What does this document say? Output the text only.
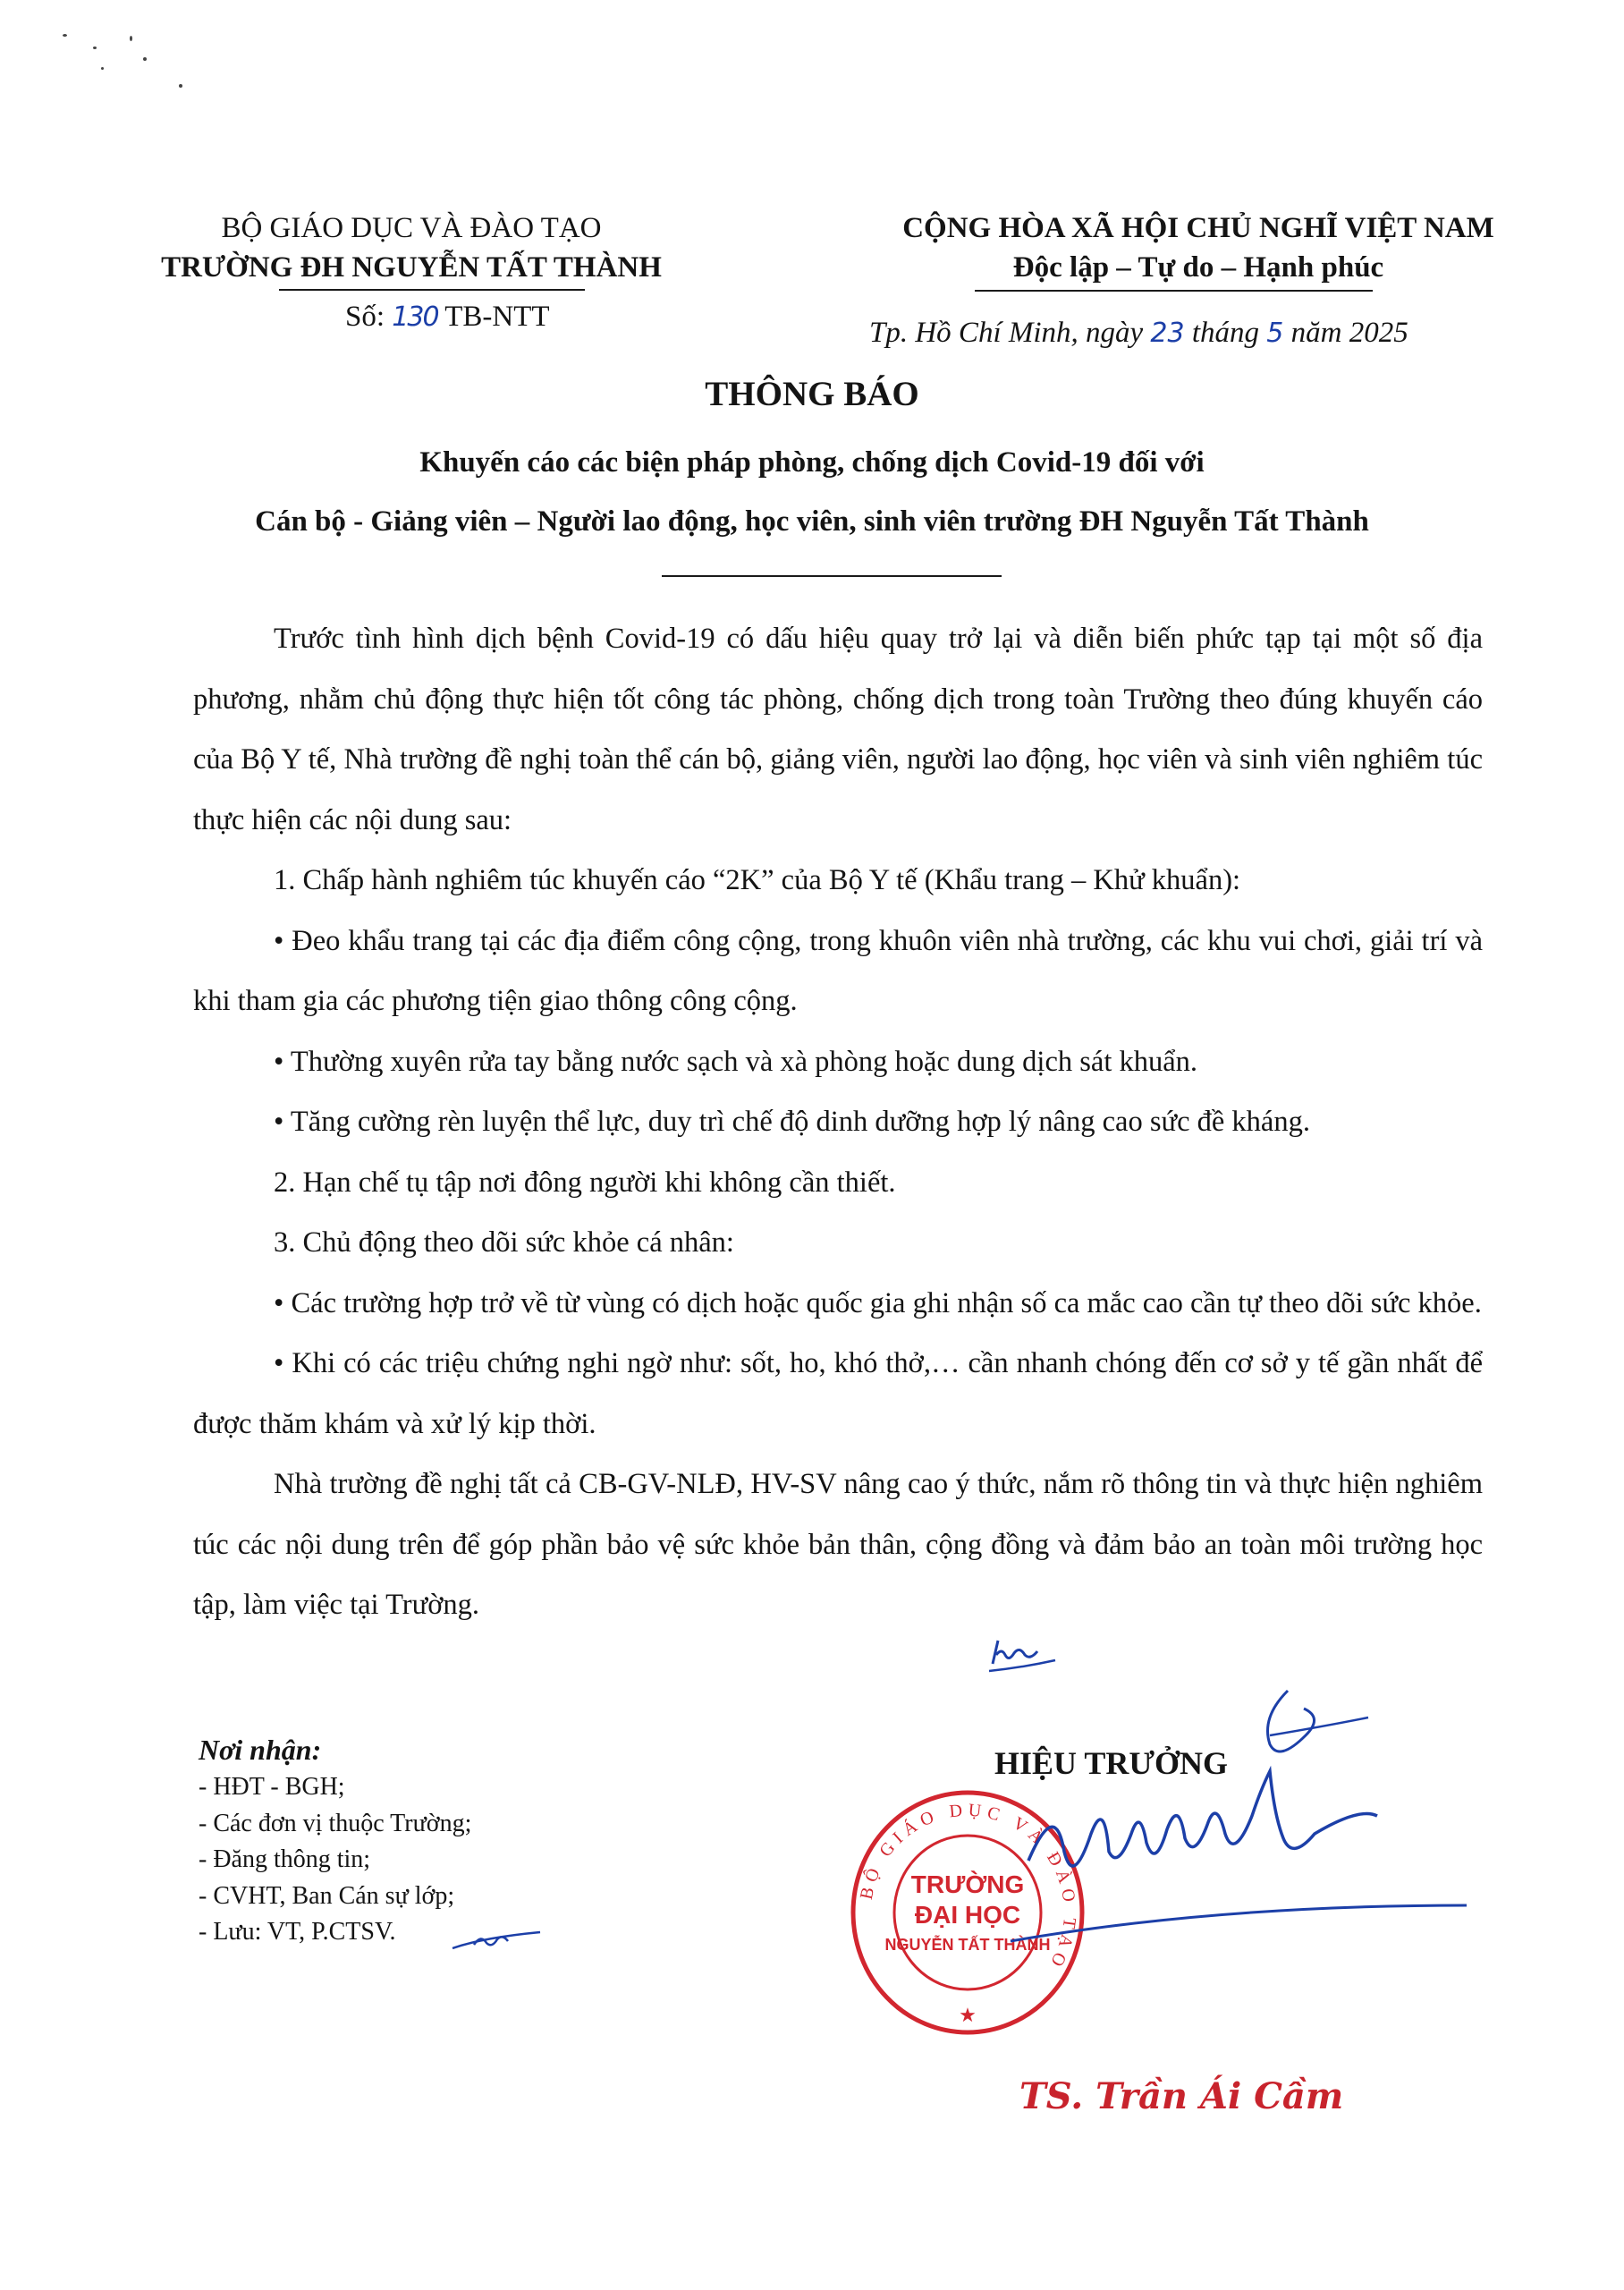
BỘ GIÁO DỤC VÀ ĐÀO TẠO
TRƯỜNG ĐH NGUYỄN TẤT THÀNH
Số: 130 TB-NTT
CỘNG HÒA XÃ HỘI CHỦ NGHĨ VIỆT NAM
Độc lập – Tự do – Hạnh phúc
Tp. Hồ Chí Minh, ngày 23 tháng 5 năm 2025
THÔNG BÁO
Khuyến cáo các biện pháp phòng, chống dịch Covid-19 đối với
Cán bộ - Giảng viên – Người lao động, học viên, sinh viên trường ĐH Nguyễn Tất Thành

Trước tình hình dịch bệnh Covid-19 có dấu hiệu quay trở lại và diễn biến phức tạp tại một số địa phương, nhằm chủ động thực hiện tốt công tác phòng, chống dịch trong toàn Trường theo đúng khuyến cáo của Bộ Y tế, Nhà trường đề nghị toàn thể cán bộ, giảng viên, người lao động, học viên và sinh viên nghiêm túc thực hiện các nội dung sau:

1. Chấp hành nghiêm túc khuyến cáo “2K” của Bộ Y tế (Khẩu trang – Khử khuẩn):

• Đeo khẩu trang tại các địa điểm công cộng, trong khuôn viên nhà trường, các khu vui chơi, giải trí và khi tham gia các phương tiện giao thông công cộng.

• Thường xuyên rửa tay bằng nước sạch và xà phòng hoặc dung dịch sát khuẩn.

• Tăng cường rèn luyện thể lực, duy trì chế độ dinh dưỡng hợp lý nâng cao sức đề kháng.

2. Hạn chế tụ tập nơi đông người khi không cần thiết.

3. Chủ động theo dõi sức khỏe cá nhân:

• Các trường hợp trở về từ vùng có dịch hoặc quốc gia ghi nhận số ca mắc cao cần tự theo dõi sức khỏe.

• Khi có các triệu chứng nghi ngờ như: sốt, ho, khó thở,… cần nhanh chóng đến cơ sở y tế gần nhất để được thăm khám và xử lý kịp thời.

Nhà trường đề nghị tất cả CB-GV-NLĐ, HV-SV nâng cao ý thức, nắm rõ thông tin và thực hiện nghiêm túc các nội dung trên để góp phần bảo vệ sức khỏe bản thân, cộng đồng và đảm bảo an toàn môi trường học tập, làm việc tại Trường.

Nơi nhận:
- HĐT - BGH;
- Các đơn vị thuộc Trường;
- Đăng thông tin;
- CVHT, Ban Cán sự lớp;
- Lưu: VT, P.CTSV.
HIỆU TRƯỞNG
BỘ GIÁO DỤC VÀ ĐÀO TẠO
TRƯỜNG
ĐẠI HỌC
NGUYỄN TẤT THÀNH
★
TS. Trần Ái Cầm
